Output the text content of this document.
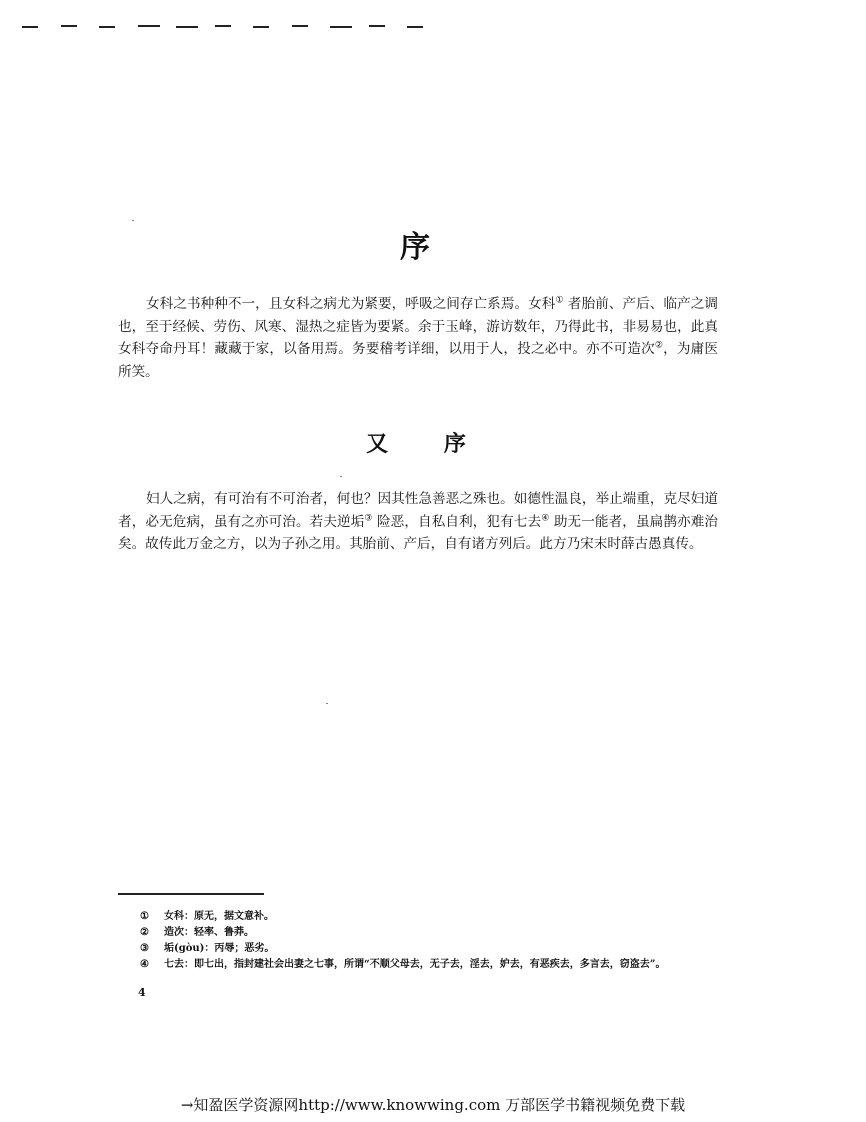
序

女科之书种种不一，且女科之病尤为紧要，呼吸之间存亡系焉。女科① 者胎前、产后、临产之调也，至于经候、劳伤、风寒、湿热之症皆为要紧。余于玉峰，游访数年，乃得此书，非易易也，此真女科夺命丹耳！藏藏于家，以备用焉。务要稽考详细，以用于人，投之必中。亦不可造次②，为庸医所笑。

又 序

妇人之病，有可治有不可治者，何也？因其性急善恶之殊也。如德性温良，举止端重，克尽妇道者，必无危病，虽有之亦可治。若夫逆垢③ 险恶，自私自利，犯有七去④ 助无一能者，虽扁鹊亦难治矣。故传此万金之方，以为子孙之用。其胎前、产后，自有诸方列后。此方乃宋末时薛古愚真传。

① 女科：原无，据文意补。
② 造次：轻率、鲁莽。
③ 垢(gòu)：丙辱；恶劣。
④ 七去：即七出，指封建社会出妻之七事，所谓“不顺父母去，无子去，淫去，妒去，有恶疾去，多言去，窃盗去”。
4
→知盈医学资源网http://www.knowwing.com 万部医学书籍视频免费下载
